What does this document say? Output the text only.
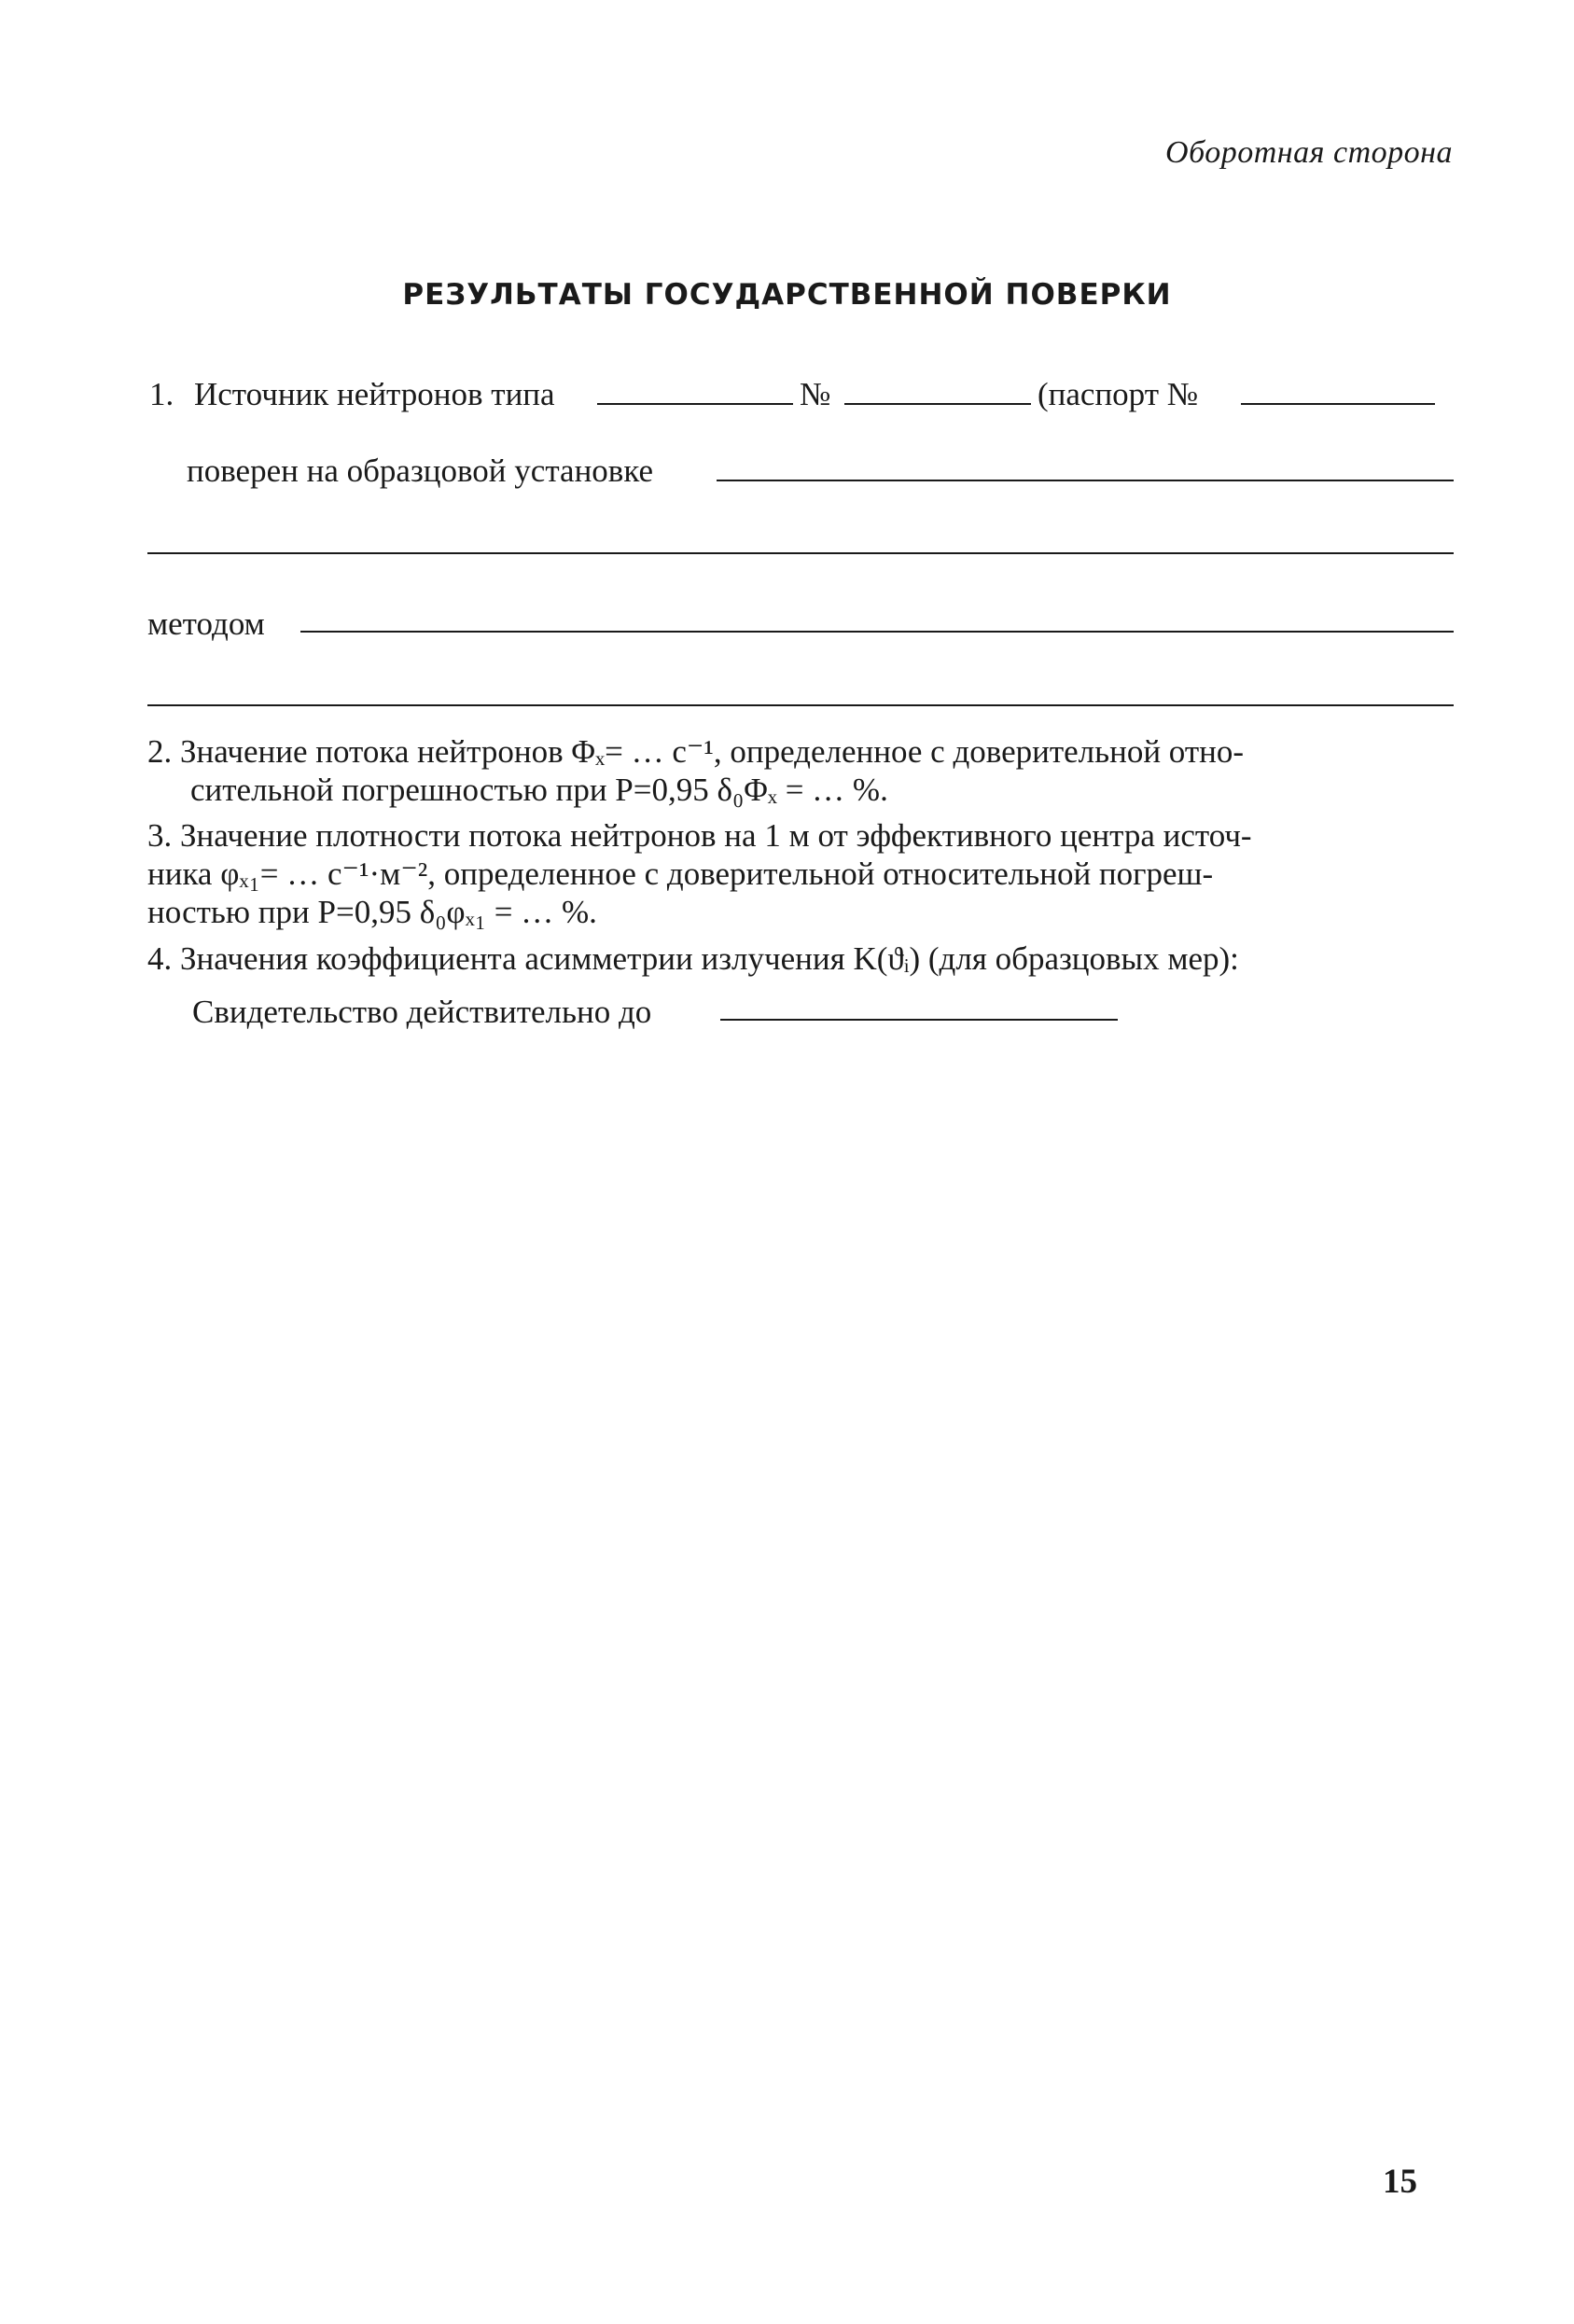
Оборотная сторона
РЕЗУЛЬТАТЫ ГОСУДАРСТВЕННОЙ ПОВЕРКИ
1. Источник нейтронов типа	№	(паспорт №
поверен на образцовой установке
методом
2. Значение потока нейтронов Φₓ= … с⁻¹, определенное с доверительной отно-
сительной погрешностью при P=0,95 δ₀Φₓ = … %.
3. Значение плотности потока нейтронов на 1 м от эффективного центра источ-
ника φₓ₁= … с⁻¹·м⁻², определенное с доверительной относительной погреш-
ностью при P=0,95 δ₀φₓ₁ = … %.
4. Значения коэффициента асимметрии излучения K(ϑᵢ) (для образцовых мер):
Свидетельство действительно до
15
